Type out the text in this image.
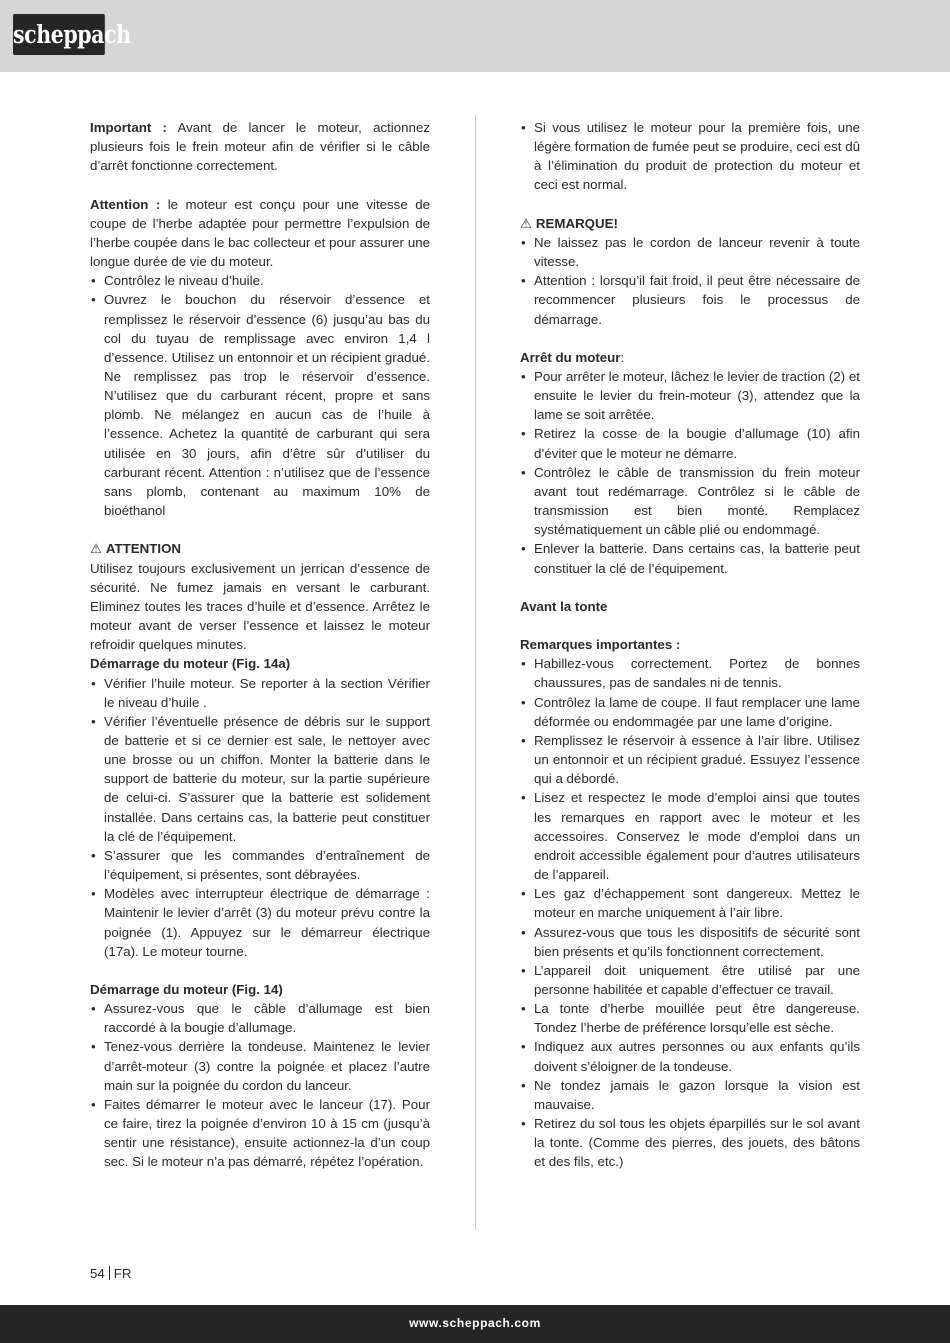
scheppach

Important : Avant de lancer le moteur, actionnez plusieurs fois le frein moteur afin de vérifier si le câble d’arrêt fonctionne correctement.

Attention : le moteur est conçu pour une vitesse de coupe de l’herbe adaptée pour permettre l’expulsion de l’herbe coupée dans le bac collecteur et pour assurer une longue durée de vie du moteur.

• Contrôlez le niveau d’huile.
• Ouvrez le bouchon du réservoir d’essence et remplissez le réservoir d’essence (6) jusqu’au bas du col du tuyau de remplissage avec environ 1,4 l d’essence. Utilisez un entonnoir et un récipient gradué. Ne remplissez pas trop le réservoir d’essence. N’utilisez que du carburant récent, propre et sans plomb. Ne mélangez en aucun cas de l’huile à l’essence. Achetez la quantité de carburant qui sera utilisée en 30 jours, afin d’être sûr d’utiliser du carburant récent. Attention : n’utilisez que de l’essence sans plomb, contenant au maximum 10% de bioéthanol

⚠ ATTENTION

Utilisez toujours exclusivement un jerrican d’essence de sécurité. Ne fumez jamais en versant le carburant. Eliminez toutes les traces d’huile et d’essence. Arrêtez le moteur avant de verser l’essence et laissez le moteur refroidir quelques minutes.

Démarrage du moteur (Fig. 14a)

• Vérifier l’huile moteur. Se reporter à la section Vérifier le niveau d’huile .
• Vérifier l’éventuelle présence de débris sur le support de batterie et si ce dernier est sale, le nettoyer avec une brosse ou un chiffon. Monter la batterie dans le support de batterie du moteur, sur la partie supérieure de celui-ci. S’assurer que la batterie est solidement installée. Dans certains cas, la batterie peut constituer la clé de l’équipement.
• S’assurer que les commandes d’entraînement de l’équipement, si présentes, sont débrayées.
• Modèles avec interrupteur électrique de démarrage : Maintenir le levier d’arrêt (3) du moteur prévu contre la poignée (1). Appuyez sur le démarreur électrique (17a). Le moteur tourne.

Démarrage du moteur (Fig. 14)

• Assurez-vous que le câble d’allumage est bien raccordé à la bougie d’allumage.
• Tenez-vous derrière la tondeuse. Maintenez le levier d’arrêt-moteur (3) contre la poignée et placez l’autre main sur la poignée du cordon du lanceur.
• Faites démarrer le moteur avec le lanceur (17). Pour ce faire, tirez la poignée d’environ 10 à 15 cm (jusqu’à sentir une résistance), ensuite actionnez-la d’un coup sec. Si le moteur n’a pas démarré, répétez l’opération.
• Si vous utilisez le moteur pour la première fois, une légère formation de fumée peut se produire, ceci est dû à l’élimination du produit de protection du moteur et ceci est normal.

⚠ REMARQUE!

• Ne laissez pas le cordon de lanceur revenir à toute vitesse.
• Attention : lorsqu’il fait froid, il peut être nécessaire de recommencer plusieurs fois le processus de démarrage.

Arrêt du moteur:

• Pour arrêter le moteur, lâchez le levier de traction (2) et ensuite le levier du frein-moteur (3), attendez que la lame se soit arrêtée.
• Retirez la cosse de la bougie d’allumage (10) afin d’éviter que le moteur ne démarre.
• Contrôlez le câble de transmission du frein moteur avant tout redémarrage. Contrôlez si le câble de transmission est bien monté. Remplacez systématiquement un câble plié ou endommagé.
• Enlever la batterie. Dans certains cas, la batterie peut constituer la clé de l’équipement.

Avant la tonte

Remarques importantes :

• Habillez-vous correctement. Portez de bonnes chaussures, pas de sandales ni de tennis.
• Contrôlez la lame de coupe. Il faut remplacer une lame déformée ou endommagée par une lame d’origine.
• Remplissez le réservoir à essence à l’air libre. Utilisez un entonnoir et un récipient gradué. Essuyez l’essence qui a débordé.
• Lisez et respectez le mode d’emploi ainsi que toutes les remarques en rapport avec le moteur et les accessoires. Conservez le mode d’emploi dans un endroit accessible également pour d’autres utilisateurs de l’appareil.
• Les gaz d’échappement sont dangereux. Mettez le moteur en marche uniquement à l’air libre.
• Assurez-vous que tous les dispositifs de sécurité sont bien présents et qu’ils fonctionnent correctement.
• L’appareil doit uniquement être utilisé par une personne habilitée et capable d’effectuer ce travail.
• La tonte d’herbe mouillée peut être dangereuse. Tondez l’herbe de préférence lorsqu’elle est sèche.
• Indiquez aux autres personnes ou aux enfants qu’ils doivent s’éloigner de la tondeuse.
• Ne tondez jamais le gazon lorsque la vision est mauvaise.
• Retirez du sol tous les objets éparpillés sur le sol avant la tonte. (Comme des pierres, des jouets, des bâtons et des fils, etc.)
54 FR
www.scheppach.com
